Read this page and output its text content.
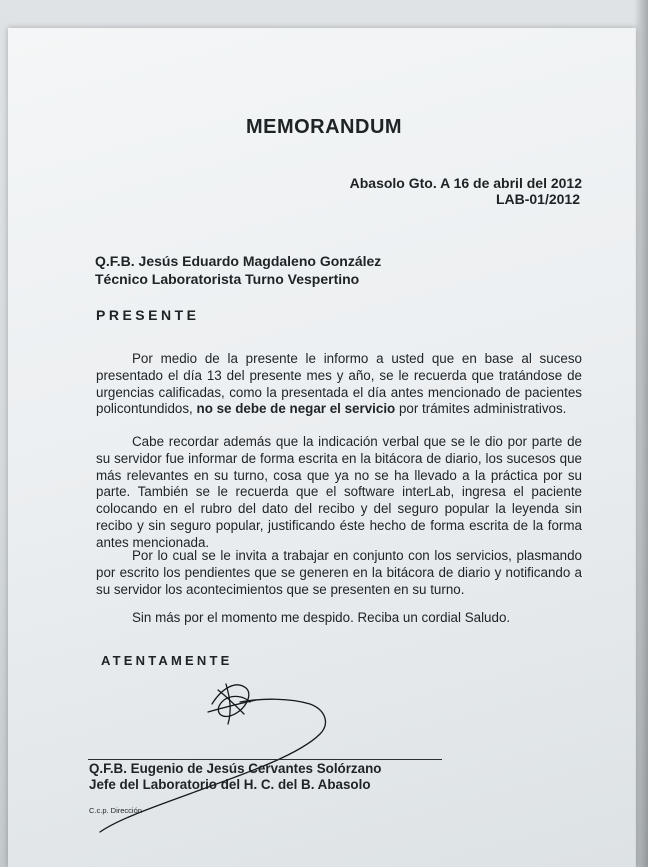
MEMORANDUM
Abasolo Gto. A 16 de abril del 2012
LAB-01/2012
Q.F.B. Jesús Eduardo Magdaleno González
Técnico Laboratorista Turno Vespertino
PRESENTE
Por medio de la presente le informo a usted que en base al suceso presentado el día 13 del presente mes y año, se le recuerda que tratándose de urgencias calificadas, como la presentada el día antes mencionado de pacientes policontundidos, no se debe de negar el servicio por trámites administrativos.
Cabe recordar además que la indicación verbal que se le dio por parte de su servidor fue informar de forma escrita en la bitácora de diario, los sucesos que más relevantes en su turno, cosa que ya no se ha llevado a la práctica por su parte. También se le recuerda que el software interLab, ingresa el paciente colocando en el rubro del dato del recibo y del seguro popular la leyenda sin recibo y sin seguro popular, justificando éste hecho de forma escrita de la forma antes mencionada.
Por lo cual se le invita a trabajar en conjunto con los servicios, plasmando por escrito los pendientes que se generen en la bitácora de diario y notificando a su servidor los acontecimientos que se presenten en su turno.
Sin más por el momento me despido. Reciba un cordial Saludo.
ATENTAMENTE
Q.F.B. Eugenio de Jesús Cervantes Solórzano
Jefe del Laboratorio del H. C. del B. Abasolo
C.c.p. Dirección
